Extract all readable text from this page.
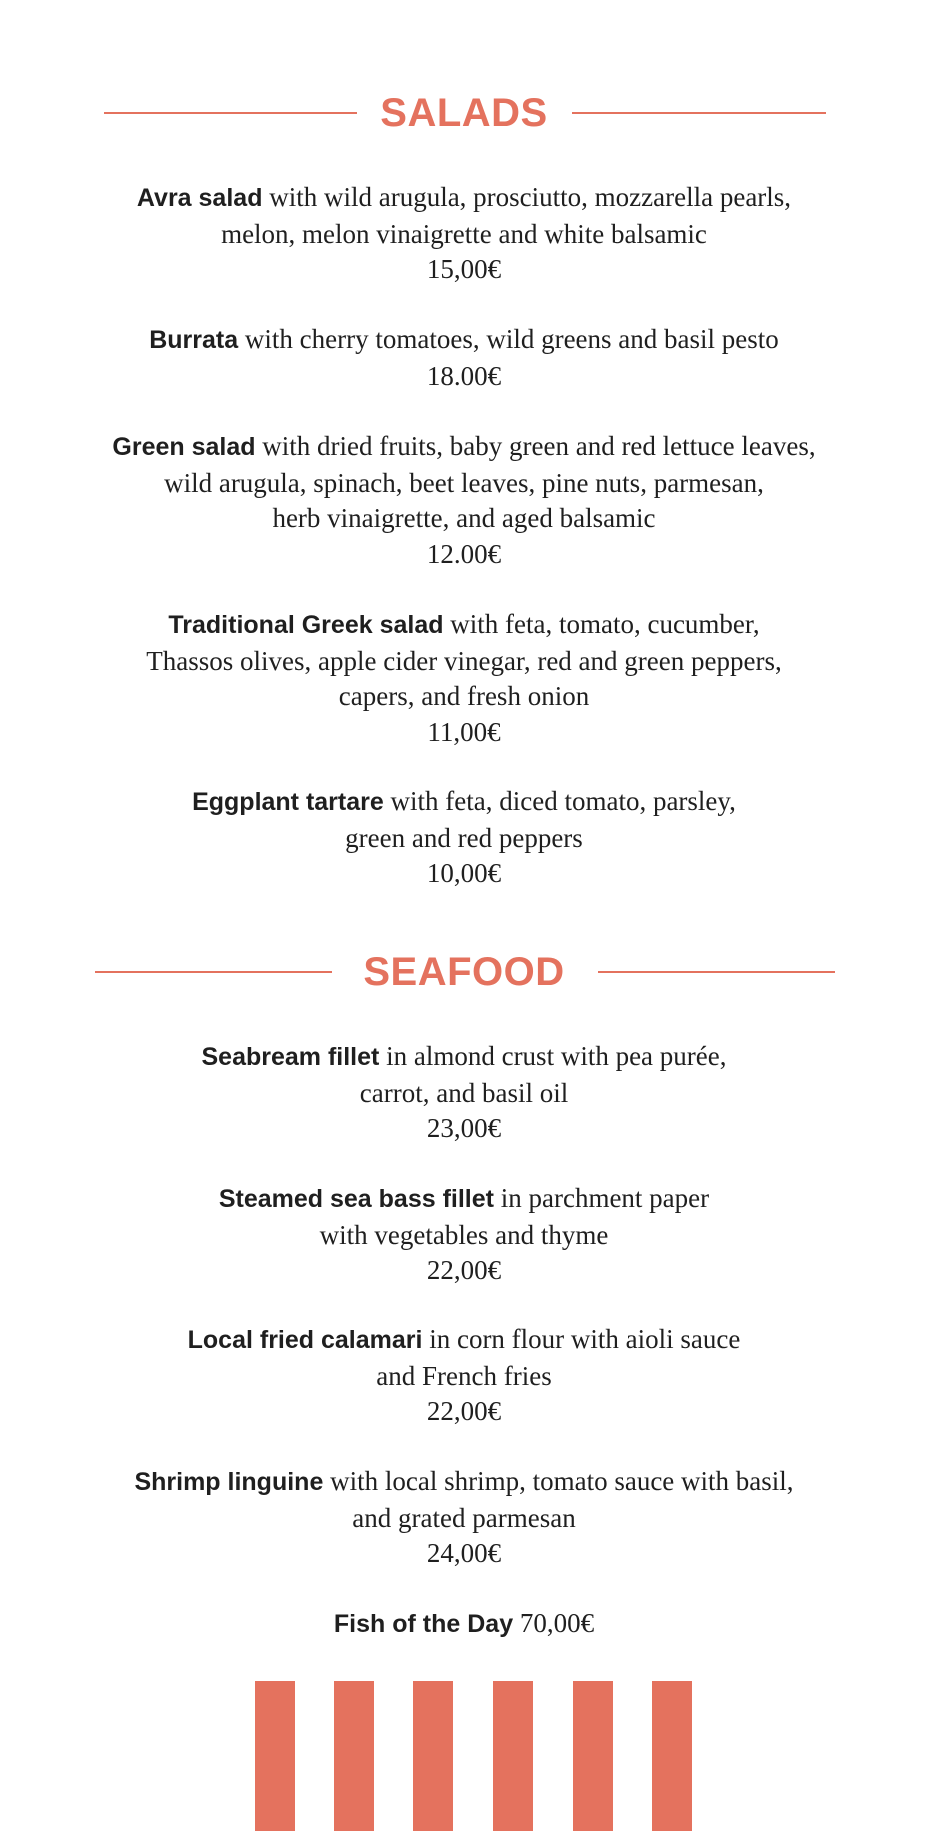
SALADS
Avra salad with wild arugula, prosciutto, mozzarella pearls,
melon, melon vinaigrette and white balsamic
15,00€
Burrata with cherry tomatoes, wild greens and basil pesto
18.00€
Green salad with dried fruits, baby green and red lettuce leaves,
wild arugula, spinach, beet leaves, pine nuts, parmesan,
herb vinaigrette, and aged balsamic
12.00€
Traditional Greek salad with feta, tomato, cucumber,
Thassos olives, apple cider vinegar, red and green peppers,
capers, and fresh onion
11,00€
Eggplant tartare with feta, diced tomato, parsley,
green and red peppers
10,00€
SEAFOOD
Seabream fillet in almond crust with pea purée,
carrot, and basil oil
23,00€
Steamed sea bass fillet in parchment paper
with vegetables and thyme
22,00€
Local fried calamari in corn flour with aioli sauce
and French fries
22,00€
Shrimp linguine with local shrimp, tomato sauce with basil,
and grated parmesan
24,00€
Fish of the Day 70,00€
